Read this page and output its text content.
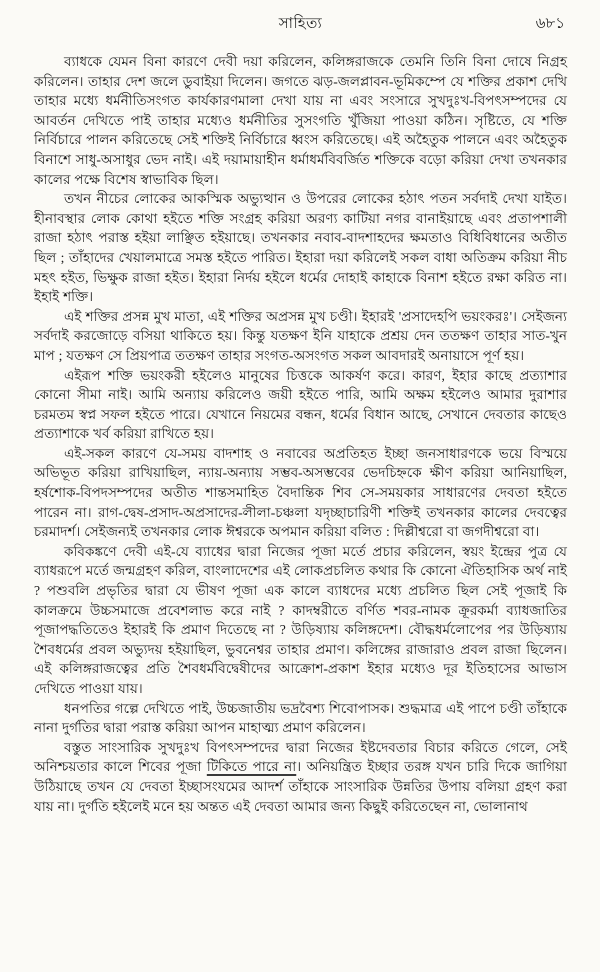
সাহিত্য	৬৮১

ব্যাধকে যেমন বিনা কারণে দেবী দয়া করিলেন, কলিঙ্গরাজকে তেমনি তিনি বিনা দোষে নিগ্রহ করিলেন। তাহার দেশ জলে ডুবাইয়া দিলেন। জগতে ঝড়-জলপ্লাবন-ভূমিকম্পে যে শক্তির প্রকাশ দেখি তাহার মধ্যে ধর্মনীতিসংগত কার্যকারণমালা দেখা যায় না এবং সংসারে সুখদুঃখ-বিপৎসম্পদের যে আবর্তন দেখিতে পাই তাহার মধ্যেও ধর্মনীতির সুসংগতি খুঁজিয়া পাওয়া কঠিন। সৃষ্টিতে, যে শক্তি নির্বিচারে পালন করিতেছে সেই শক্তিই নির্বিচারে ধ্বংস করিতেছে। এই অহৈতুক পালনে এবং অহৈতুক বিনাশে সাধু-অসাধুর ভেদ নাই। এই দয়ামায়াহীন ধর্মাধর্মবিবর্জিত শক্তিকে বড়ো করিয়া দেখা তখনকার কালের পক্ষে বিশেষ স্বাভাবিক ছিল।

তখন নীচের লোকের আকস্মিক অভ্যুত্থান ও উপরের লোকের হঠাৎ পতন সর্বদাই দেখা যাইত। হীনাবস্থার লোক কোথা হইতে শক্তি সংগ্রহ করিয়া অরণ্য কাটিয়া নগর বানাইয়াছে এবং প্রতাপশালী রাজা হঠাৎ পরাস্ত হইয়া লাঞ্ছিত হইয়াছে। তখনকার নবাব-বাদশাহদের ক্ষমতাও বিধিবিধানের অতীত ছিল ; তাঁহাদের খেয়ালমাত্রে সমস্ত হইতে পারিত। ইহারা দয়া করিলেই সকল বাধা অতিক্রম করিয়া নীচ মহৎ হইত, ভিক্ষুক রাজা হইত। ইহারা নির্দয় হইলে ধর্মের দোহাই কাহাকে বিনাশ হইতে রক্ষা করিত না। ইহাই শক্তি।

এই শক্তির প্রসন্ন মুখ মাতা, এই শক্তির অপ্রসন্ন মুখ চণ্ডী। ইহারই 'প্রসাদেহপি ভয়ংকরঃ'। সেইজন্য সর্বদাই করজোড়ে বসিয়া থাকিতে হয়। কিন্তু যতক্ষণ ইনি যাহাকে প্রশ্রয় দেন ততক্ষণ তাহার সাত-খুন মাপ ; যতক্ষণ সে প্রিয়পাত্র ততক্ষণ তাহার সংগত-অসংগত সকল আবদারই অনায়াসে পূর্ণ হয়।

এইরূপ শক্তি ভয়ংকরী হইলেও মানুষের চিত্তকে আকর্ষণ করে। কারণ, ইহার কাছে প্রত্যাশার কোনো সীমা নাই। আমি অন্যায় করিলেও জয়ী হইতে পারি, আমি অক্ষম হইলেও আমার দুরাশার চরমতম স্বপ্ন সফল হইতে পারে। যেখানে নিয়মের বন্ধন, ধর্মের বিধান আছে, সেখানে দেবতার কাছেও প্রত্যাশাকে খর্ব করিয়া রাখিতে হয়।

এই-সকল কারণে যে-সময় বাদশাহ ও নবাবের অপ্রতিহত ইচ্ছা জনসাধারণকে ভয়ে বিস্ময়ে অভিভূত করিয়া রাখিয়াছিল, ন্যায়-অন্যায় সম্ভব-অসম্ভবের ভেদচিহ্নকে ক্ষীণ করিয়া আনিয়াছিল, হর্ষশোক-বিপদসম্পদের অতীত শান্তসমাহিত বৈদান্তিক শিব সে-সময়কার সাধারণের দেবতা হইতে পারেন না। রাগ-দ্বেষ-প্রসাদ-অপ্রসাদের-লীলা-চঞ্চলা যদৃচ্ছাচারিণী শক্তিই তখনকার কালের দেবত্বের চরমাদর্শ। সেইজন্যই তখনকার লোক ঈশ্বরকে অপমান করিয়া বলিত : দিল্লীশ্বরো বা জগদীশ্বরো বা।

কবিকঙ্কণে দেবী এই-যে ব্যাধের দ্বারা নিজের পূজা মর্তে প্রচার করিলেন, স্বয়ং ইন্দ্রের পুত্র যে ব্যাধরূপে মর্তে জন্মগ্রহণ করিল, বাংলাদেশের এই লোকপ্রচলিত কথার কি কোনো ঐতিহাসিক অর্থ নাই ? পশুবলি প্রভৃতির দ্বারা যে ভীষণ পূজা এক কালে ব্যাধদের মধ্যে প্রচলিত ছিল সেই পূজাই কি কালক্রমে উচ্চসমাজে প্রবেশলাভ করে নাই ? কাদম্বরীতে বর্ণিত শবর-নামক ক্রূরকর্মা ব্যাধজাতির পূজাপদ্ধতিতেও ইহারই কি প্রমাণ দিতেছে না ? উড়িষ্যায় কলিঙ্গদেশ। বৌদ্ধধর্মলোপের পর উড়িষ্যায় শৈবধর্মের প্রবল অভ্যুদয় হইয়াছিল, ভুবনেশ্বর তাহার প্রমাণ। কলিঙ্গের রাজারাও প্রবল রাজা ছিলেন। এই কলিঙ্গরাজত্বের প্রতি শৈবধর্মবিদ্বেষীদের আক্রোশ-প্রকাশ ইহার মধ্যেও দূর ইতিহাসের আভাস দেখিতে পাওয়া যায়।

ধনপতির গল্পে দেখিতে পাই, উচ্চজাতীয় ভদ্রবৈশ্য শিবোপাসক। শুদ্ধমাত্র এই পাপে চণ্ডী তাঁহাকে নানা দুর্গতির দ্বারা পরাস্ত করিয়া আপন মাহাত্ম্য প্রমাণ করিলেন।

বস্তুত সাংসারিক সুখদুঃখ বিপৎসম্পদের দ্বারা নিজের ইষ্টদেবতার বিচার করিতে গেলে, সেই অনিশ্চয়তার কালে শিবের পূজা টিকিতে পারে না। অনিয়ন্ত্রিত ইচ্ছার তরঙ্গ যখন চারি দিকে জাগিয়া উঠিয়াছে তখন যে দেবতা ইচ্ছাসংযমের আদর্শ তাঁহাকে সাংসারিক উন্নতির উপায় বলিয়া গ্রহণ করা যায় না। দুর্গতি হইলেই মনে হয় অন্তত এই দেবতা আমার জন্য কিছুই করিতেছেন না, ভোলানাথ
